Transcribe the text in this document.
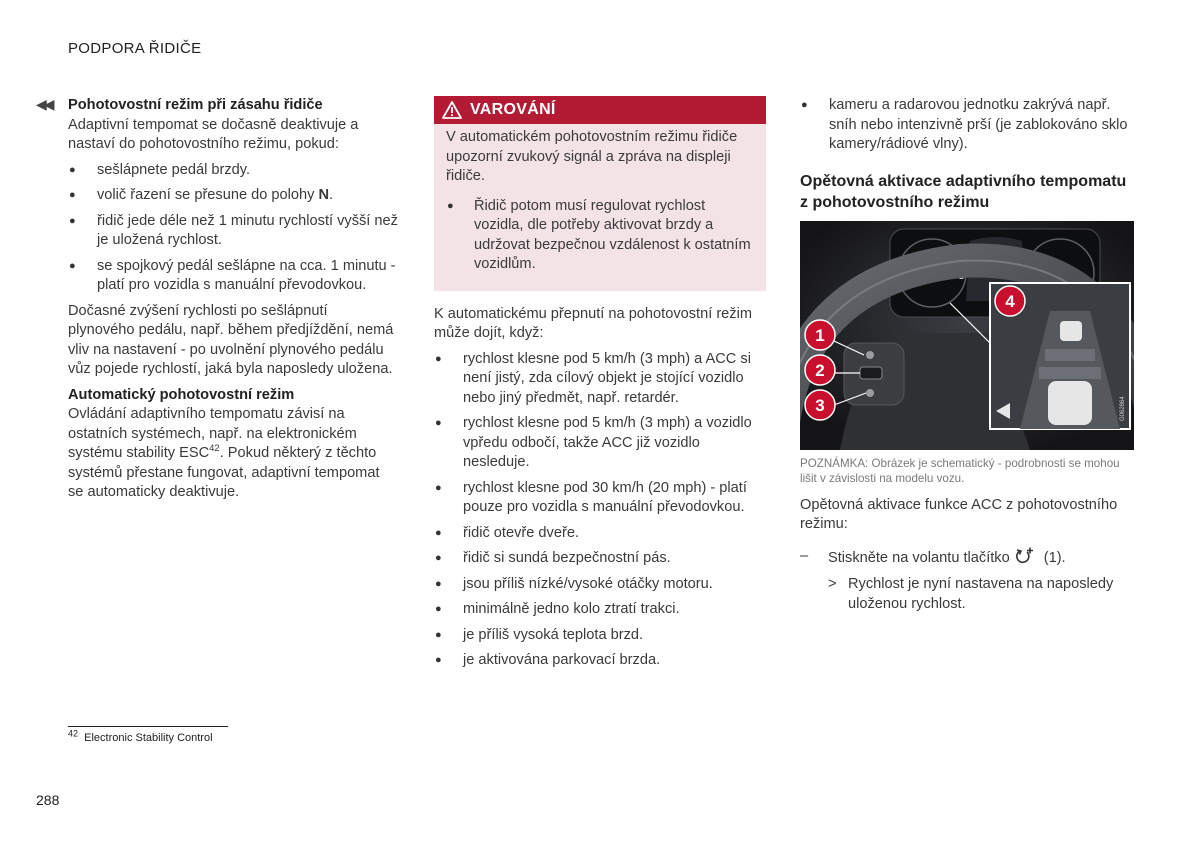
PODPORA ŘIDIČE
◀◀ Pohotovostní režim při zásahu řidiče

Adaptivní tempomat se dočasně deaktivuje a nastaví do pohotovostního režimu, pokud:

● sešlápnete pedál brzdy.
● volič řazení se přesune do polohy N.
● řidič jede déle než 1 minutu rychlostí vyšší než je uložená rychlost.
● se spojkový pedál sešlápne na cca. 1 minutu - platí pro vozidla s manuální převodovkou.

Dočasné zvýšení rychlosti po sešlápnutí plynového pedálu, např. během předjíždění, nemá vliv na nastavení - po uvolnění plynového pedálu vůz pojede rychlostí, jaká byla naposledy uložena.

Automatický pohotovostní režim

Ovládání adaptivního tempomatu závisí na ostatních systémech, např. na elektronickém systému stability ESC$^{42}$. Pokud některý z těchto systémů přestane fungovat, adaptivní tempomat se automaticky deaktivuje.

VAROVÁNÍ

V automatickém pohotovostním režimu řidiče upozorní zvukový signál a zpráva na displeji řidiče.

● Řidič potom musí regulovat rychlost vozidla, dle potřeby aktivovat brzdy a udržovat bezpečnou vzdálenost k ostatním vozidlům.

K automatickému přepnutí na pohotovostní režim může dojít, když:

● rychlost klesne pod 5 km/h (3 mph) a ACC si není jistý, zda cílový objekt je stojící vozidlo nebo jiný předmět, např. retardér.
● rychlost klesne pod 5 km/h (3 mph) a vozidlo vpředu odbočí, takže ACC již vozidlo nesleduje.
● rychlost klesne pod 30 km/h (20 mph) - platí pouze pro vozidla s manuální převodovkou.
● řidič otevře dveře.
● řidič si sundá bezpečnostní pás.
● jsou příliš nízké/vysoké otáčky motoru.
● minimálně jedno kolo ztratí trakci.
● je příliš vysoká teplota brzd.
● je aktivována parkovací brzda.
● kameru a radarovou jednotku zakrývá např. sníh nebo intenzivně prší (je zablokováno sklo kamery/rádiové vlny).
Opětovná aktivace adaptivního tempomatu z pohotovostního režimu
76
G062864
1
2
3
4
POZNÁMKA: Obrázek je schematický - podrobnosti se mohou lišit v závislosti na modelu vozu.

Opětovná aktivace funkce ACC z pohotovostního režimu:

– Stiskněte na volantu tlačítko (1).
> Rychlost je nyní nastavena na naposledy uloženou rychlost.
$^{42}$ Electronic Stability Control
288
